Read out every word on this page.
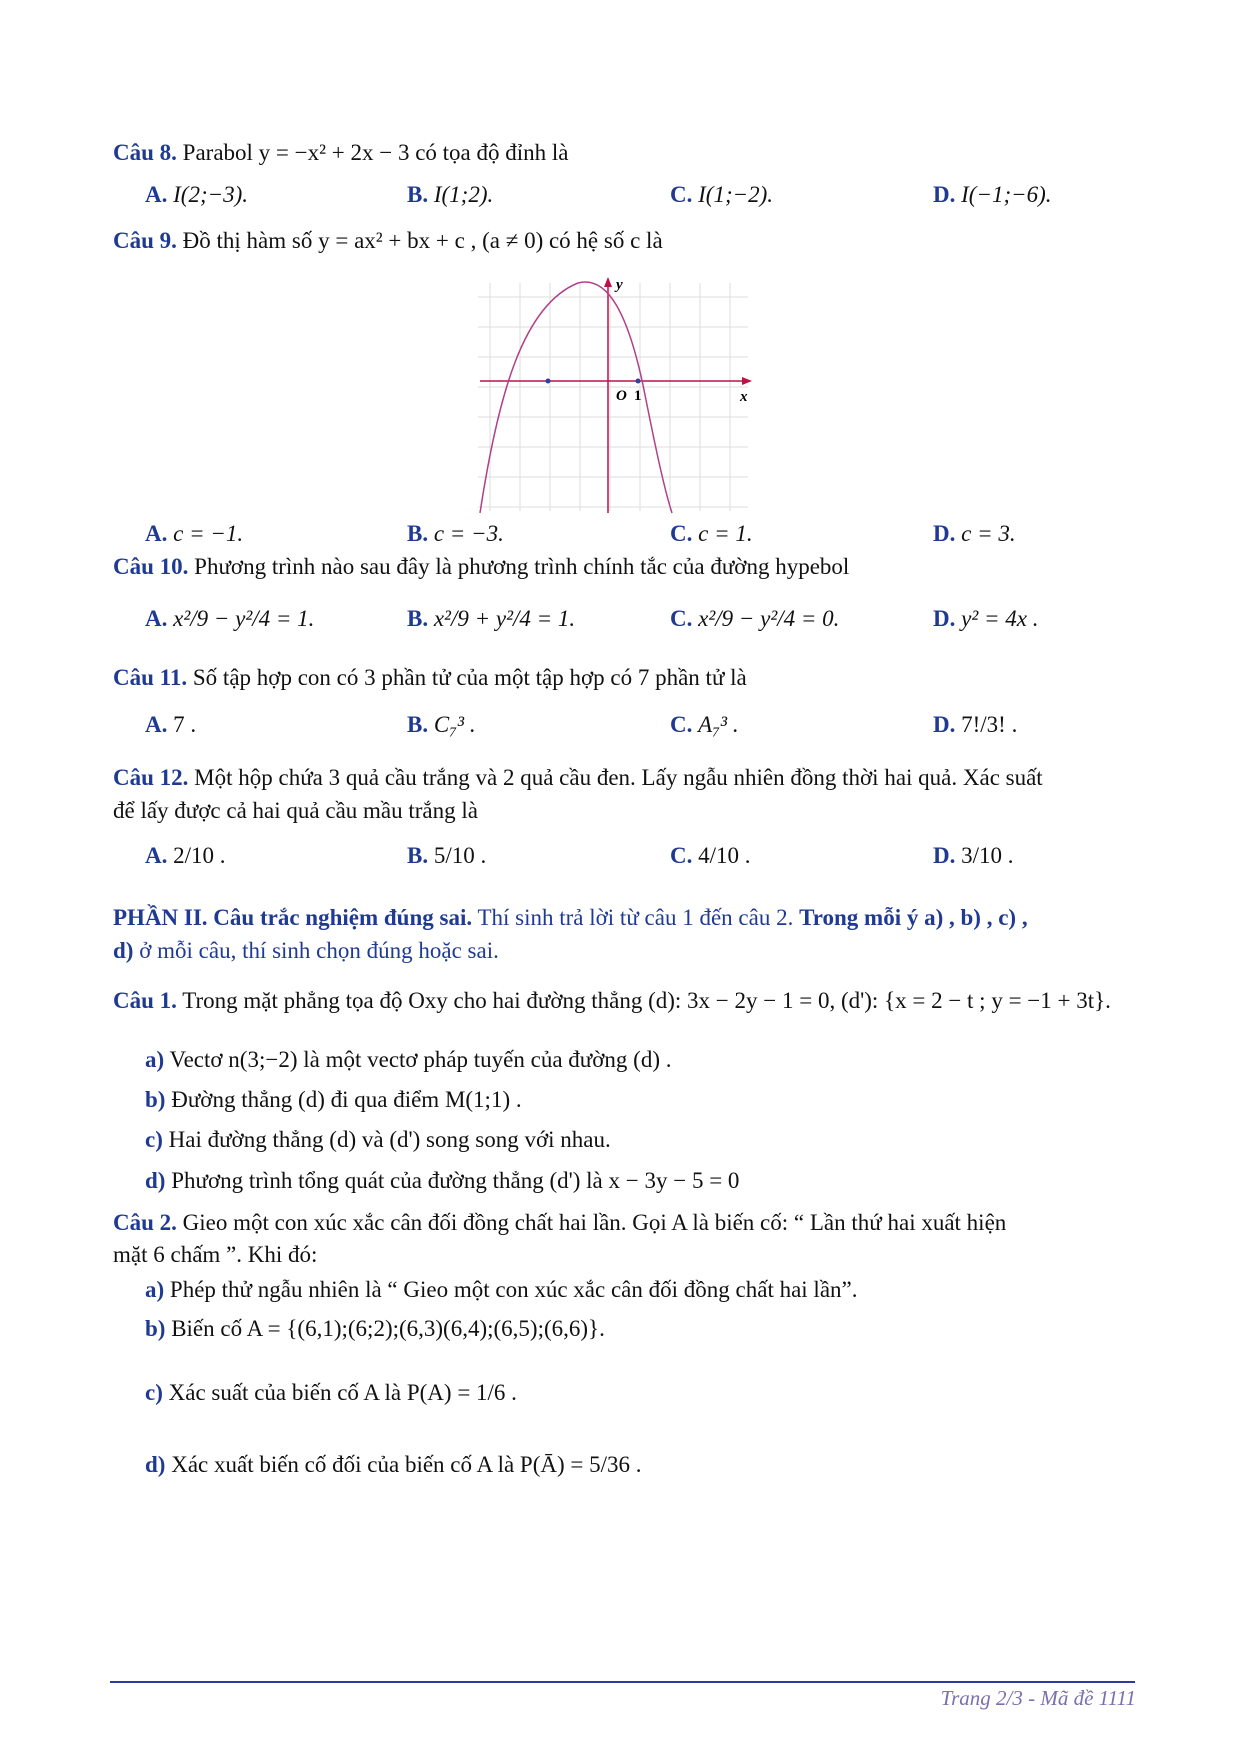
Câu 8. Parabol y = −x² + 2x − 3 có tọa độ đỉnh là
A. I(2;−3).	B. I(1;2).	C. I(1;−2).	D. I(−1;−6).
Câu 9. Đồ thị hàm số y = ax² + bx + c , (a ≠ 0) có hệ số c là
y
x
O 1
A. c = −1.	B. c = −3.	C. c = 1.	D. c = 3.
Câu 10. Phương trình nào sau đây là phương trình chính tắc của đường hypebol
A. x²/9 − y²/4 = 1.	B. x²/9 + y²/4 = 1.	C. x²/9 − y²/4 = 0.	D. y² = 4x .
Câu 11. Số tập hợp con có 3 phần tử của một tập hợp có 7 phần tử là
A. 7 .	B. C₇³ .	C. A₇³ .	D. 7!/3! .
Câu 12. Một hộp chứa 3 quả cầu trắng và 2 quả cầu đen. Lấy ngẫu nhiên đồng thời hai quả. Xác suất
để lấy được cả hai quả cầu mầu trắng là
A. 2/10 .	B. 5/10 .	C. 4/10 .	D. 3/10 .
PHẦN II. Câu trắc nghiệm đúng sai. Thí sinh trả lời từ câu 1 đến câu 2. Trong mỗi ý a) , b) , c) ,
d) ở mỗi câu, thí sinh chọn đúng hoặc sai.
Câu 1. Trong mặt phẳng tọa độ Oxy cho hai đường thẳng (d): 3x − 2y − 1 = 0, (d'): {x = 2 − t ; y = −1 + 3t}.
a) Vectơ n(3;−2) là một vectơ pháp tuyến của đường (d) .
b) Đường thẳng (d) đi qua điểm M(1;1) .
c) Hai đường thẳng (d) và (d') song song với nhau.
d) Phương trình tổng quát của đường thẳng (d') là x − 3y − 5 = 0
Câu 2. Gieo một con xúc xắc cân đối đồng chất hai lần. Gọi A là biến cố: “ Lần thứ hai xuất hiện
mặt 6 chấm ”. Khi đó:
a) Phép thử ngẫu nhiên là “ Gieo một con xúc xắc cân đối đồng chất hai lần”.
b) Biến cố A = {(6,1);(6;2);(6,3)(6,4);(6,5);(6,6)}.
c) Xác suất của biến cố A là P(A) = 1/6 .
d) Xác xuất biến cố đối của biến cố A là P(Ā) = 5/36 .
Trang 2/3 - Mã đề 1111
